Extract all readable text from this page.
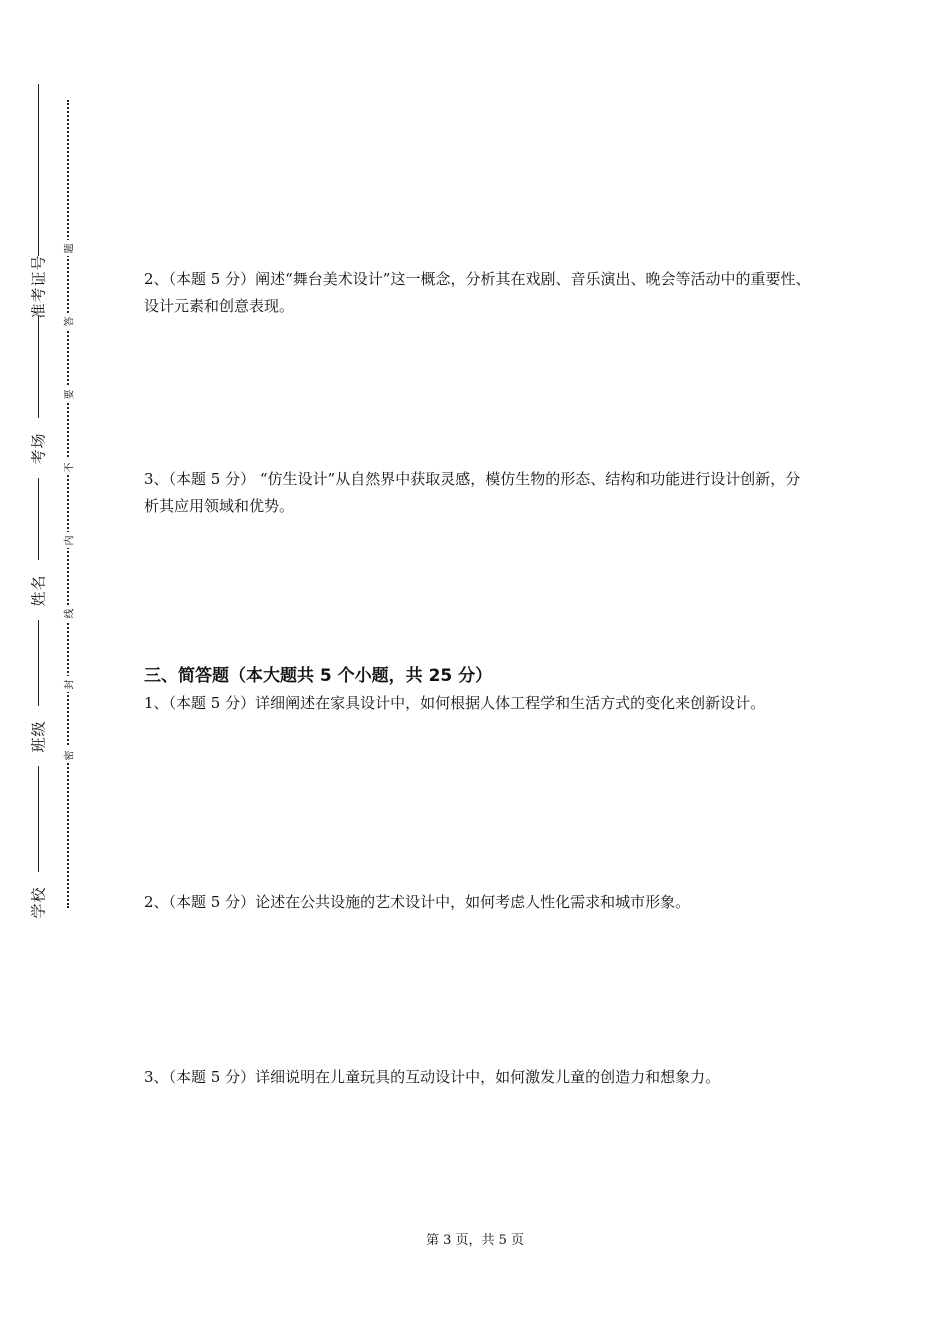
准考证号
考场
姓名
班级
学校
题
答
要
不
内
线
封
密

2、（本题 5 分）阐述“舞台美术设计”这一概念，分析其在戏剧、音乐演出、晚会等活动中的重要性、设计元素和创意表现。

3、（本题 5 分） “仿生设计”从自然界中获取灵感，模仿生物的形态、结构和功能进行设计创新，分析其应用领域和优势。

三、简答题（本大题共 5 个小题，共 25 分）

1、（本题 5 分）详细阐述在家具设计中，如何根据人体工程学和生活方式的变化来创新设计。

2、（本题 5 分）论述在公共设施的艺术设计中，如何考虑人性化需求和城市形象。

3、（本题 5 分）详细说明在儿童玩具的互动设计中，如何激发儿童的创造力和想象力。

第 3 页，共 5 页
